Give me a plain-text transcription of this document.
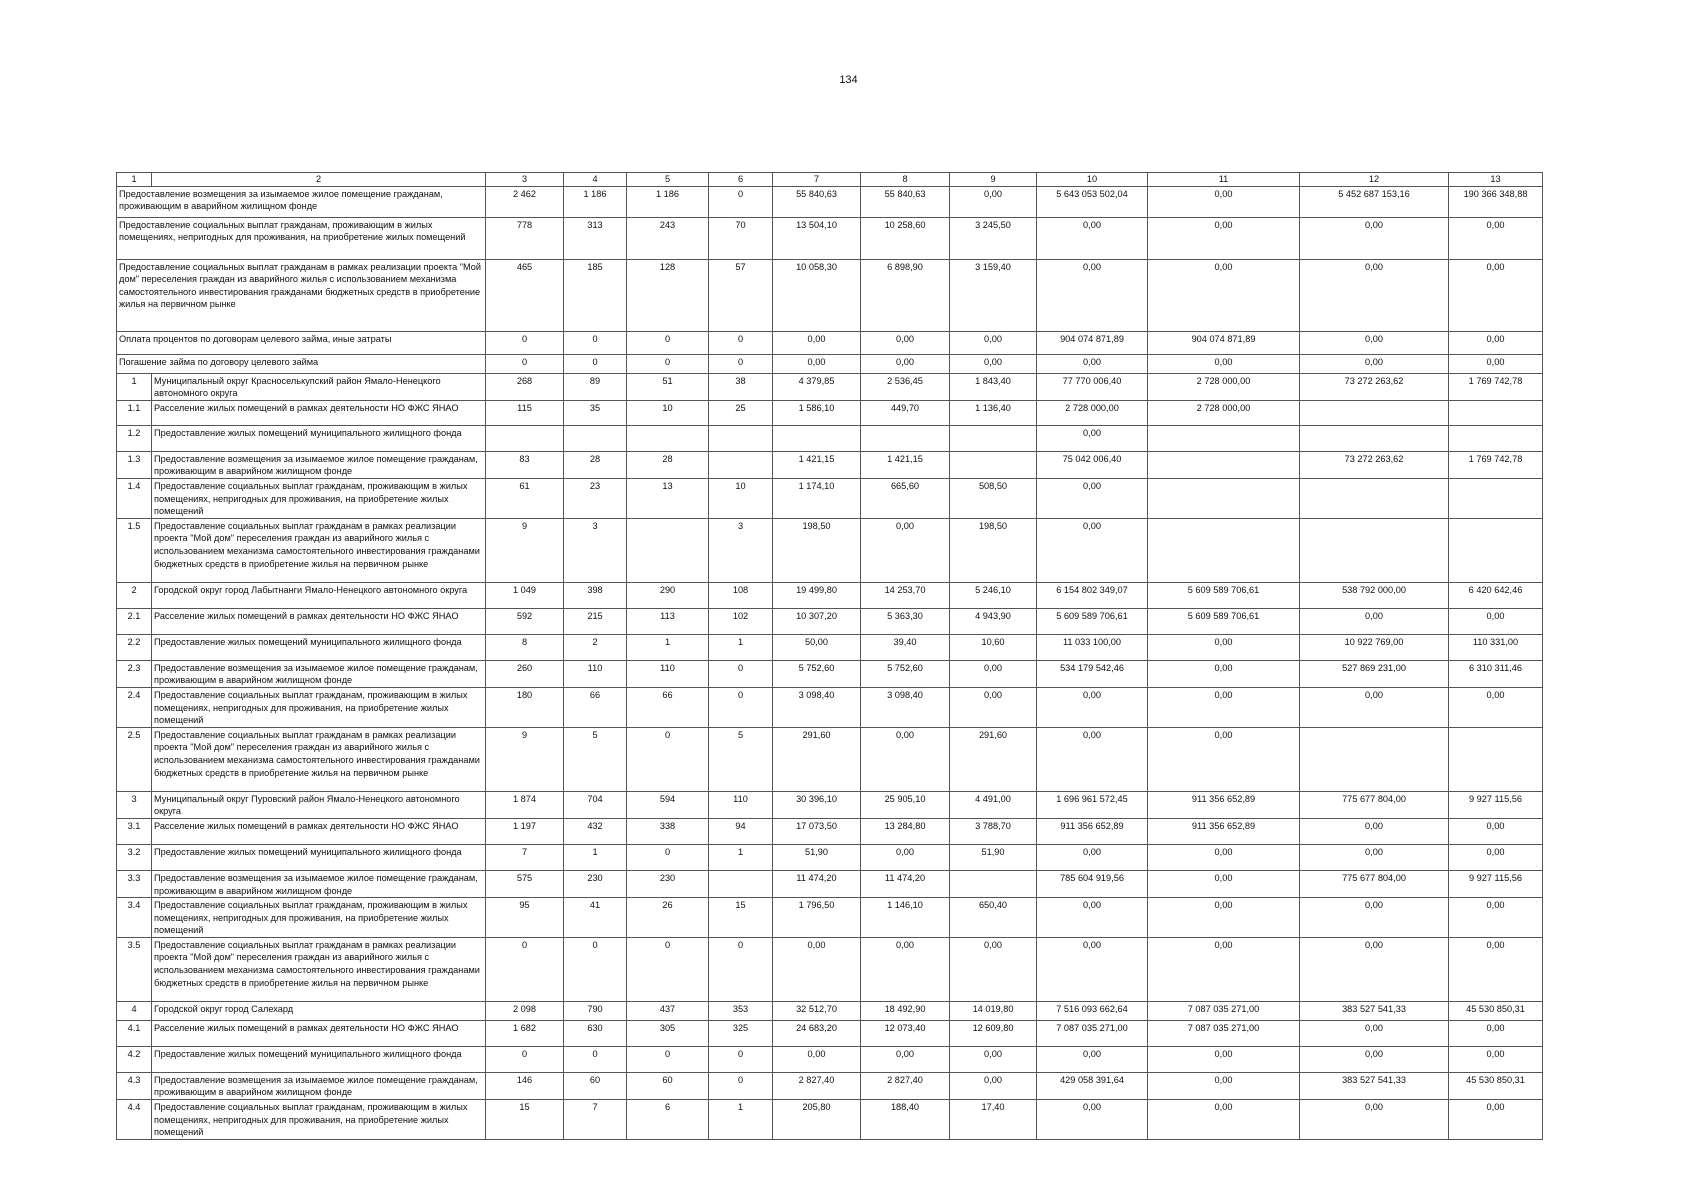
134
1	2	3	4	5	6	7	8	9	10	11	12	13
Предоставление возмещения за изымаемое жилое помещение гражданам, проживающим в аварийном жилищном фонде		2 462	1 186	1 186	0	55 840,63	55 840,63	0,00	5 643 053 502,04	0,00	5 452 687 153,16	190 366 348,88
Предоставление социальных выплат гражданам, проживающим в жилых помещениях, непригодных для проживания, на приобретение жилых помещений		778	313	243	70	13 504,10	10 258,60	3 245,50	0,00	0,00	0,00	0,00
Предоставление социальных выплат гражданам в рамках реализации проекта "Мой дом" переселения граждан из аварийного жилья с использованием механизма самостоятельного инвестирования гражданами бюджетных средств в приобретение жилья на первичном рынке		465	185	128	57	10 058,30	6 898,90	3 159,40	0,00	0,00	0,00	0,00
Оплата процентов по договорам целевого займа, иные затраты		0	0	0	0	0,00	0,00	0,00	904 074 871,89	904 074 871,89	0,00	0,00
Погашение займа по договору целевого займа		0	0	0	0	0,00	0,00	0,00	0,00	0,00	0,00	0,00
1	Муниципальный округ Красноселькупский район Ямало-Ненецкого автономного округа	268	89	51	38	4 379,85	2 536,45	1 843,40	77 770 006,40	2 728 000,00	73 272 263,62	1 769 742,78
1.1	Расселение жилых помещений в рамках деятельности НО ФЖС ЯНАО	115	35	10	25	1 586,10	449,70	1 136,40	2 728 000,00	2 728 000,00		
1.2	Предоставление жилых помещений муниципального жилищного фонда								0,00			
1.3	Предоставление возмещения за изымаемое жилое помещение гражданам, проживающим в аварийном жилищном фонде	83	28	28		1 421,15	1 421,15		75 042 006,40		73 272 263,62	1 769 742,78
1.4	Предоставление социальных выплат гражданам, проживающим в жилых помещениях, непригодных для проживания, на приобретение жилых помещений	61	23	13	10	1 174,10	665,60	508,50	0,00			
1.5	Предоставление социальных выплат гражданам в рамках реализации проекта "Мой дом" переселения граждан из аварийного жилья с использованием механизма самостоятельного инвестирования гражданами бюджетных средств в приобретение жилья на первичном рынке	9	3		3	198,50	0,00	198,50	0,00			
2	Городской округ город Лабытнанги Ямало-Ненецкого автономного округа	1 049	398	290	108	19 499,80	14 253,70	5 246,10	6 154 802 349,07	5 609 589 706,61	538 792 000,00	6 420 642,46
2.1	Расселение жилых помещений в рамках деятельности НО ФЖС ЯНАО	592	215	113	102	10 307,20	5 363,30	4 943,90	5 609 589 706,61	5 609 589 706,61	0,00	0,00
2.2	Предоставление жилых помещений муниципального жилищного фонда	8	2	1	1	50,00	39,40	10,60	11 033 100,00	0,00	10 922 769,00	110 331,00
2.3	Предоставление возмещения за изымаемое жилое помещение гражданам, проживающим в аварийном жилищном фонде	260	110	110	0	5 752,60	5 752,60	0,00	534 179 542,46	0,00	527 869 231,00	6 310 311,46
2.4	Предоставление социальных выплат гражданам, проживающим в жилых помещениях, непригодных для проживания, на приобретение жилых помещений	180	66	66	0	3 098,40	3 098,40	0,00	0,00	0,00	0,00	0,00
2.5	Предоставление социальных выплат гражданам в рамках реализации проекта "Мой дом" переселения граждан из аварийного жилья с использованием механизма самостоятельного инвестирования гражданами бюджетных средств в приобретение жилья на первичном рынке	9	5	0	5	291,60	0,00	291,60	0,00	0,00		
3	Муниципальный округ Пуровский район Ямало-Ненецкого автономного округа	1 874	704	594	110	30 396,10	25 905,10	4 491,00	1 696 961 572,45	911 356 652,89	775 677 804,00	9 927 115,56
3.1	Расселение жилых помещений в рамках деятельности НО ФЖС ЯНАО	1 197	432	338	94	17 073,50	13 284,80	3 788,70	911 356 652,89	911 356 652,89	0,00	0,00
3.2	Предоставление жилых помещений муниципального жилищного фонда	7	1	0	1	51,90	0,00	51,90	0,00	0,00	0,00	0,00
3.3	Предоставление возмещения за изымаемое жилое помещение гражданам, проживающим в аварийном жилищном фонде	575	230	230		11 474,20	11 474,20		785 604 919,56	0,00	775 677 804,00	9 927 115,56
3.4	Предоставление социальных выплат гражданам, проживающим в жилых помещениях, непригодных для проживания, на приобретение жилых помещений	95	41	26	15	1 796,50	1 146,10	650,40	0,00	0,00	0,00	0,00
3.5	Предоставление социальных выплат гражданам в рамках реализации проекта "Мой дом" переселения граждан из аварийного жилья с использованием механизма самостоятельного инвестирования гражданами бюджетных средств в приобретение жилья на первичном рынке	0	0	0	0	0,00	0,00	0,00	0,00	0,00	0,00	0,00
4	Городской округ город Салехард	2 098	790	437	353	32 512,70	18 492,90	14 019,80	7 516 093 662,64	7 087 035 271,00	383 527 541,33	45 530 850,31
4.1	Расселение жилых помещений в рамках деятельности НО ФЖС ЯНАО	1 682	630	305	325	24 683,20	12 073,40	12 609,80	7 087 035 271,00	7 087 035 271,00	0,00	0,00
4.2	Предоставление жилых помещений муниципального жилищного фонда	0	0	0	0	0,00	0,00	0,00	0,00	0,00	0,00	0,00
4.3	Предоставление возмещения за изымаемое жилое помещение гражданам, проживающим в аварийном жилищном фонде	146	60	60	0	2 827,40	2 827,40	0,00	429 058 391,64	0,00	383 527 541,33	45 530 850,31
4.4	Предоставление социальных выплат гражданам, проживающим в жилых помещениях, непригодных для проживания, на приобретение жилых помещений	15	7	6	1	205,80	188,40	17,40	0,00	0,00	0,00	0,00
